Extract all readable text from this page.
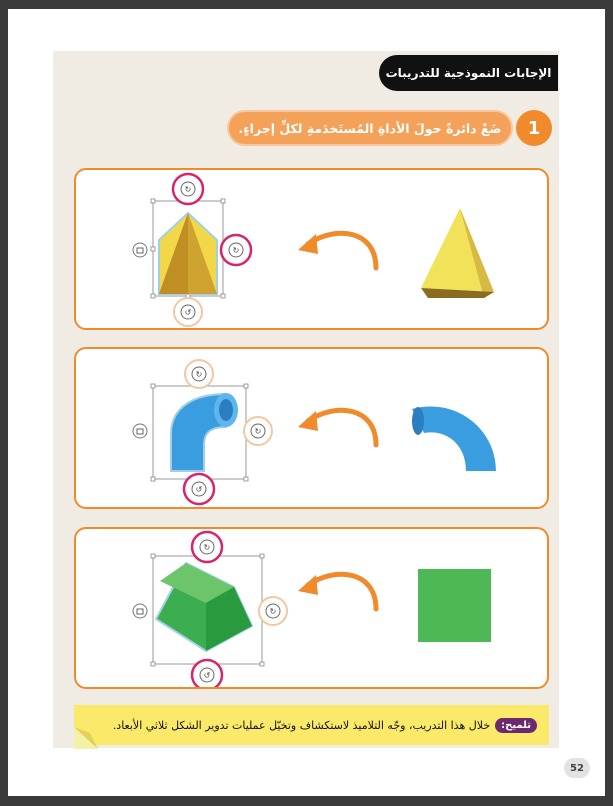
الإجابات النموذجية للتدريبات
ضَعْ دائرةً حولَ الأداةِ المُستَخدَمةِ لكلِّ إجراءٍ.	1
↻
↻
↺
↻
↻
↺
↻
↻
↺
تلميح:
خلال هذا التدريب، وجّه التلاميذ لاستكشاف وتخيّل عمليات تدوير الشكل ثلاثي الأبعاد.
52
